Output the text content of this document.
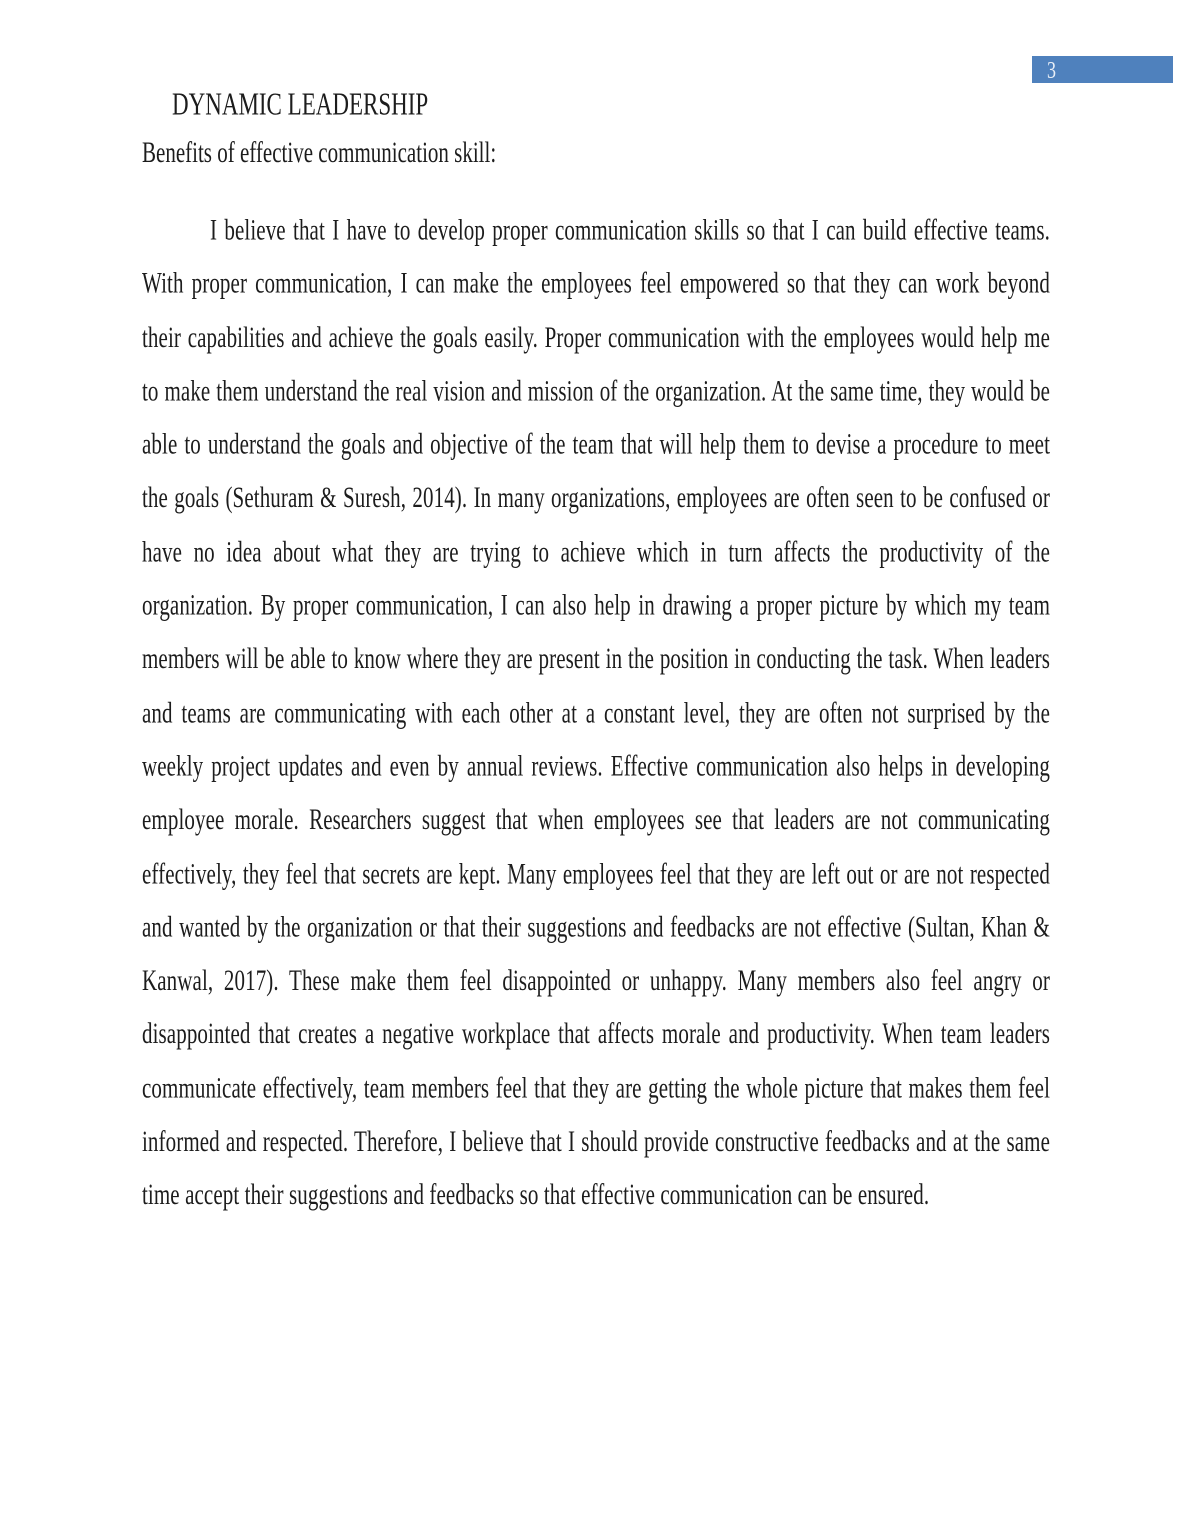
3
DYNAMIC LEADERSHIP
Benefits of effective communication skill:
I believe that I have to develop proper communication skills so that I can build effective teams. With proper communication, I can make the employees feel empowered so that they can work beyond their capabilities and achieve the goals easily. Proper communication with the employees would help me to make them understand the real vision and mission of the organization. At the same time, they would be able to understand the goals and objective of the team that will help them to devise a procedure to meet the goals (Sethuram & Suresh, 2014). In many organizations, employees are often seen to be confused or have no idea about what they are trying to achieve which in turn affects the productivity of the organization. By proper communication, I can also help in drawing a proper picture by which my team members will be able to know where they are present in the position in conducting the task. When leaders and teams are communicating with each other at a constant level, they are often not surprised by the weekly project updates and even by annual reviews. Effective communication also helps in developing employee morale. Researchers suggest that when employees see that leaders are not communicating effectively, they feel that secrets are kept. Many employees feel that they are left out or are not respected and wanted by the organization or that their suggestions and feedbacks are not effective (Sultan, Khan & Kanwal, 2017). These make them feel disappointed or unhappy. Many members also feel angry or disappointed that creates a negative workplace that affects morale and productivity. When team leaders communicate effectively, team members feel that they are getting the whole picture that makes them feel informed and respected. Therefore, I believe that I should provide constructive feedbacks and at the same time accept their suggestions and feedbacks so that effective communication can be ensured.
